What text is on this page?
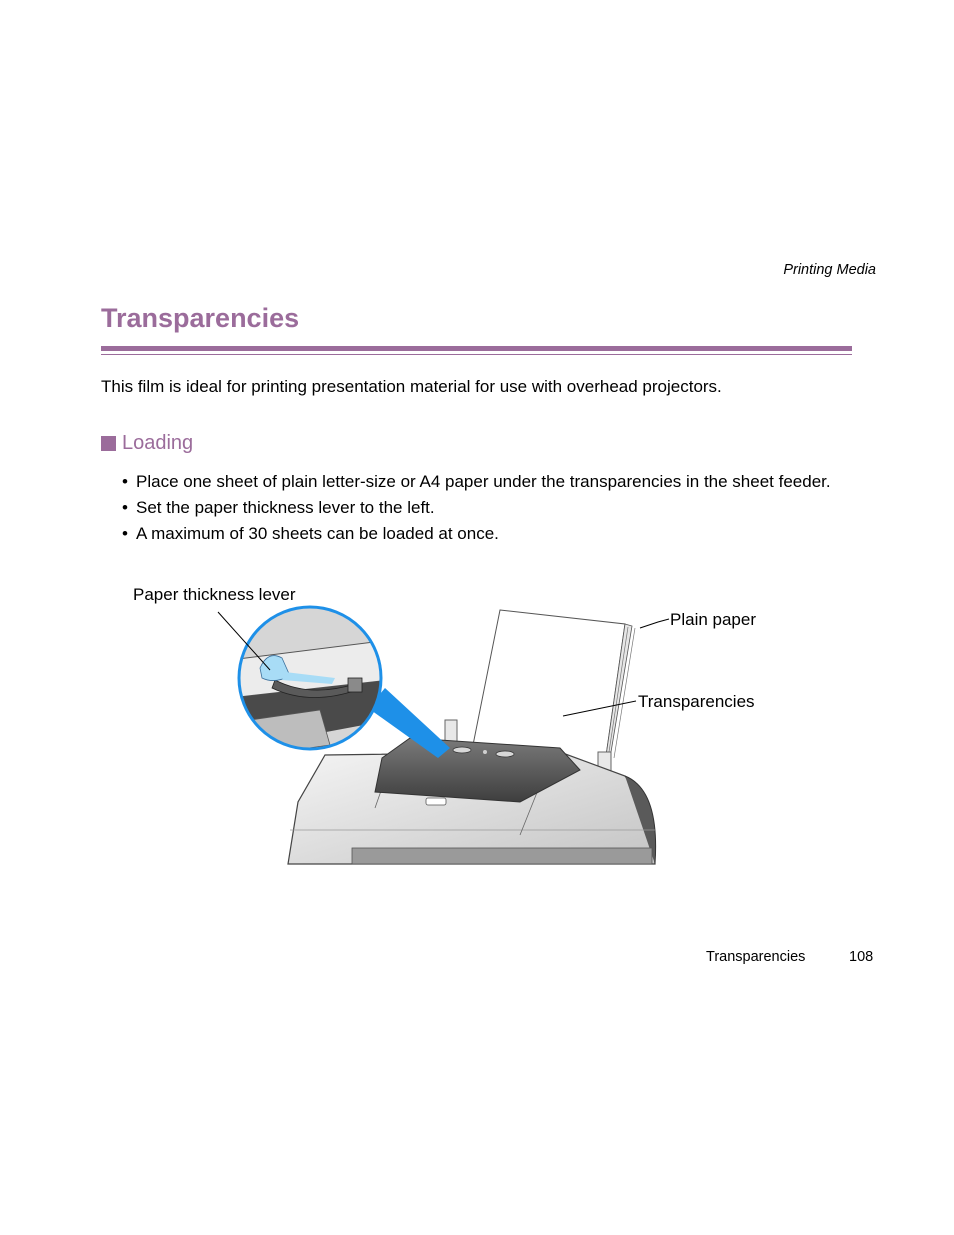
Printing Media
Transparencies

This film is ideal for printing presentation material for use with overhead projectors.

Loading
• Place one sheet of plain letter-size or A4 paper under the transparencies in the sheet feeder.
• Set the paper thickness lever to the left.
• A maximum of 30 sheets can be loaded at once.
Paper thickness lever
Plain paper
Transparencies
Transparencies	108
